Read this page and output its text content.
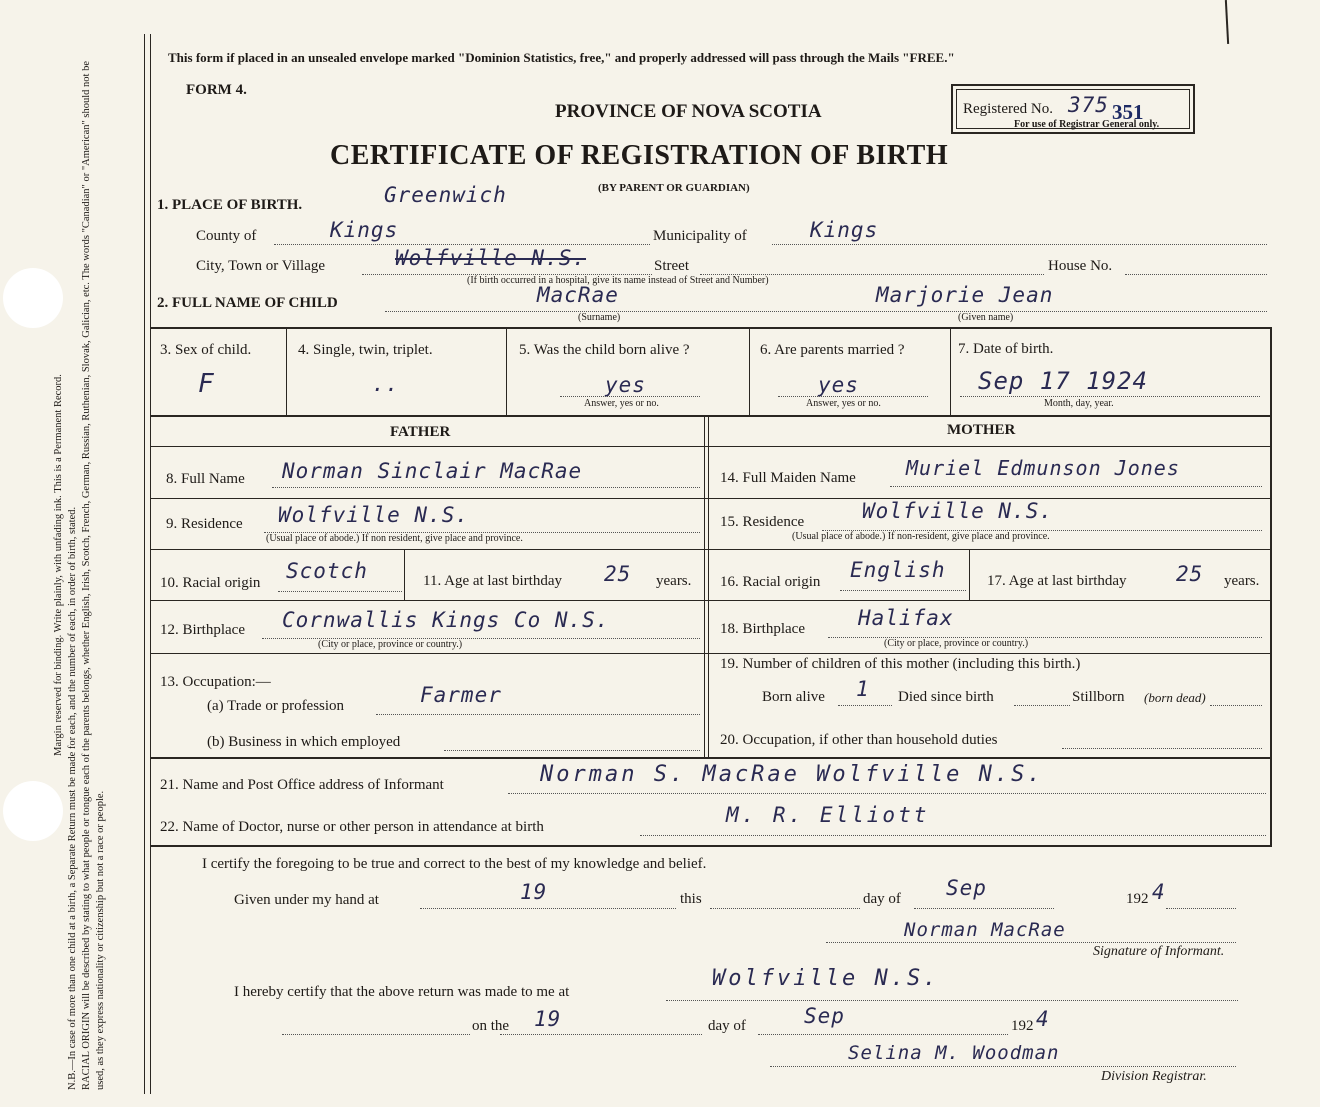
Margin reserved for binding. Write plainly, with unfading ink. This is a Permanent Record. N.B.—In case of more than one child at a birth, a Separate Return must be made for each, and the number of each, in order of birth, stated. RACIAL ORIGIN will be described by stating to what people or tongue each of the parents belongs, whether English, Irish, Scotch, French, German, Russian, Ruthenian, Slovak, Galician, etc. The words "Canadian" or "American" should not be used, as they express nationality or citizenship but not a race or people.
This form if placed in an unsealed envelope marked "Dominion Statistics, free," and properly addressed will pass through the Mails "FREE."
FORM 4.
PROVINCE OF NOVA SCOTIA
CERTIFICATE OF REGISTRATION OF BIRTH
(BY PARENT OR GUARDIAN)
Registered No. 375 351
For use of Registrar General only.
1. PLACE OF BIRTH.	Greenwich
County of	Kings	Municipality of	Kings
City, Town or Village	Wolfville N.S.	Street	House No.
(If birth occurred in a hospital, give its name instead of Street and Number)
2. FULL NAME OF CHILD	MacRae	Marjorie Jean
(Surname)	(Given name)
3. Sex of child.
F
4. Single, twin, triplet.
..
5. Was the child born alive ?
yes
Answer, yes or no.
6. Are parents married ?
yes
Answer, yes or no.
7. Date of birth.
Sep 17 1924
Month, day, year.
FATHER
8. Full Name Norman Sinclair MacRae
9. Residence Wolfville N.S.
(Usual place of abode.) If non resident, give place and province.
10. Racial origin Scotch	11. Age at last birthday 25 years.
12. Birthplace Cornwallis Kings Co N.S.
(City or place, province or country.)
13. Occupation:—
(a) Trade or profession	Farmer
(b) Business in which employed
MOTHER
14. Full Maiden Name	Muriel Edmunson Jones
15. Residence	Wolfville N.S.
(Usual place of abode.) If non-resident, give place and province.
16. Racial origin English	17. Age at last birthday 25 years.
18. Birthplace	Halifax
(City or place, province or country.)
19. Number of children of this mother (including this birth.)
Born alive 1 Died since birth	Stillborn (born dead)
20. Occupation, if other than household duties
21. Name and Post Office address of Informant	Norman S. MacRae Wolfville N.S.
22. Name of Doctor, nurse or other person in attendance at birth	M. R. Elliott
I certify the foregoing to be true and correct to the best of my knowledge and belief.
Given under my hand at	19	this	day of Sep	192 4
Norman MacRae
Signature of Informant.
I hereby certify that the above return was made to me at
Wolfville N.S.
on the 19	day of	Sep	192 4
Selina M. Woodman
Division Registrar.
